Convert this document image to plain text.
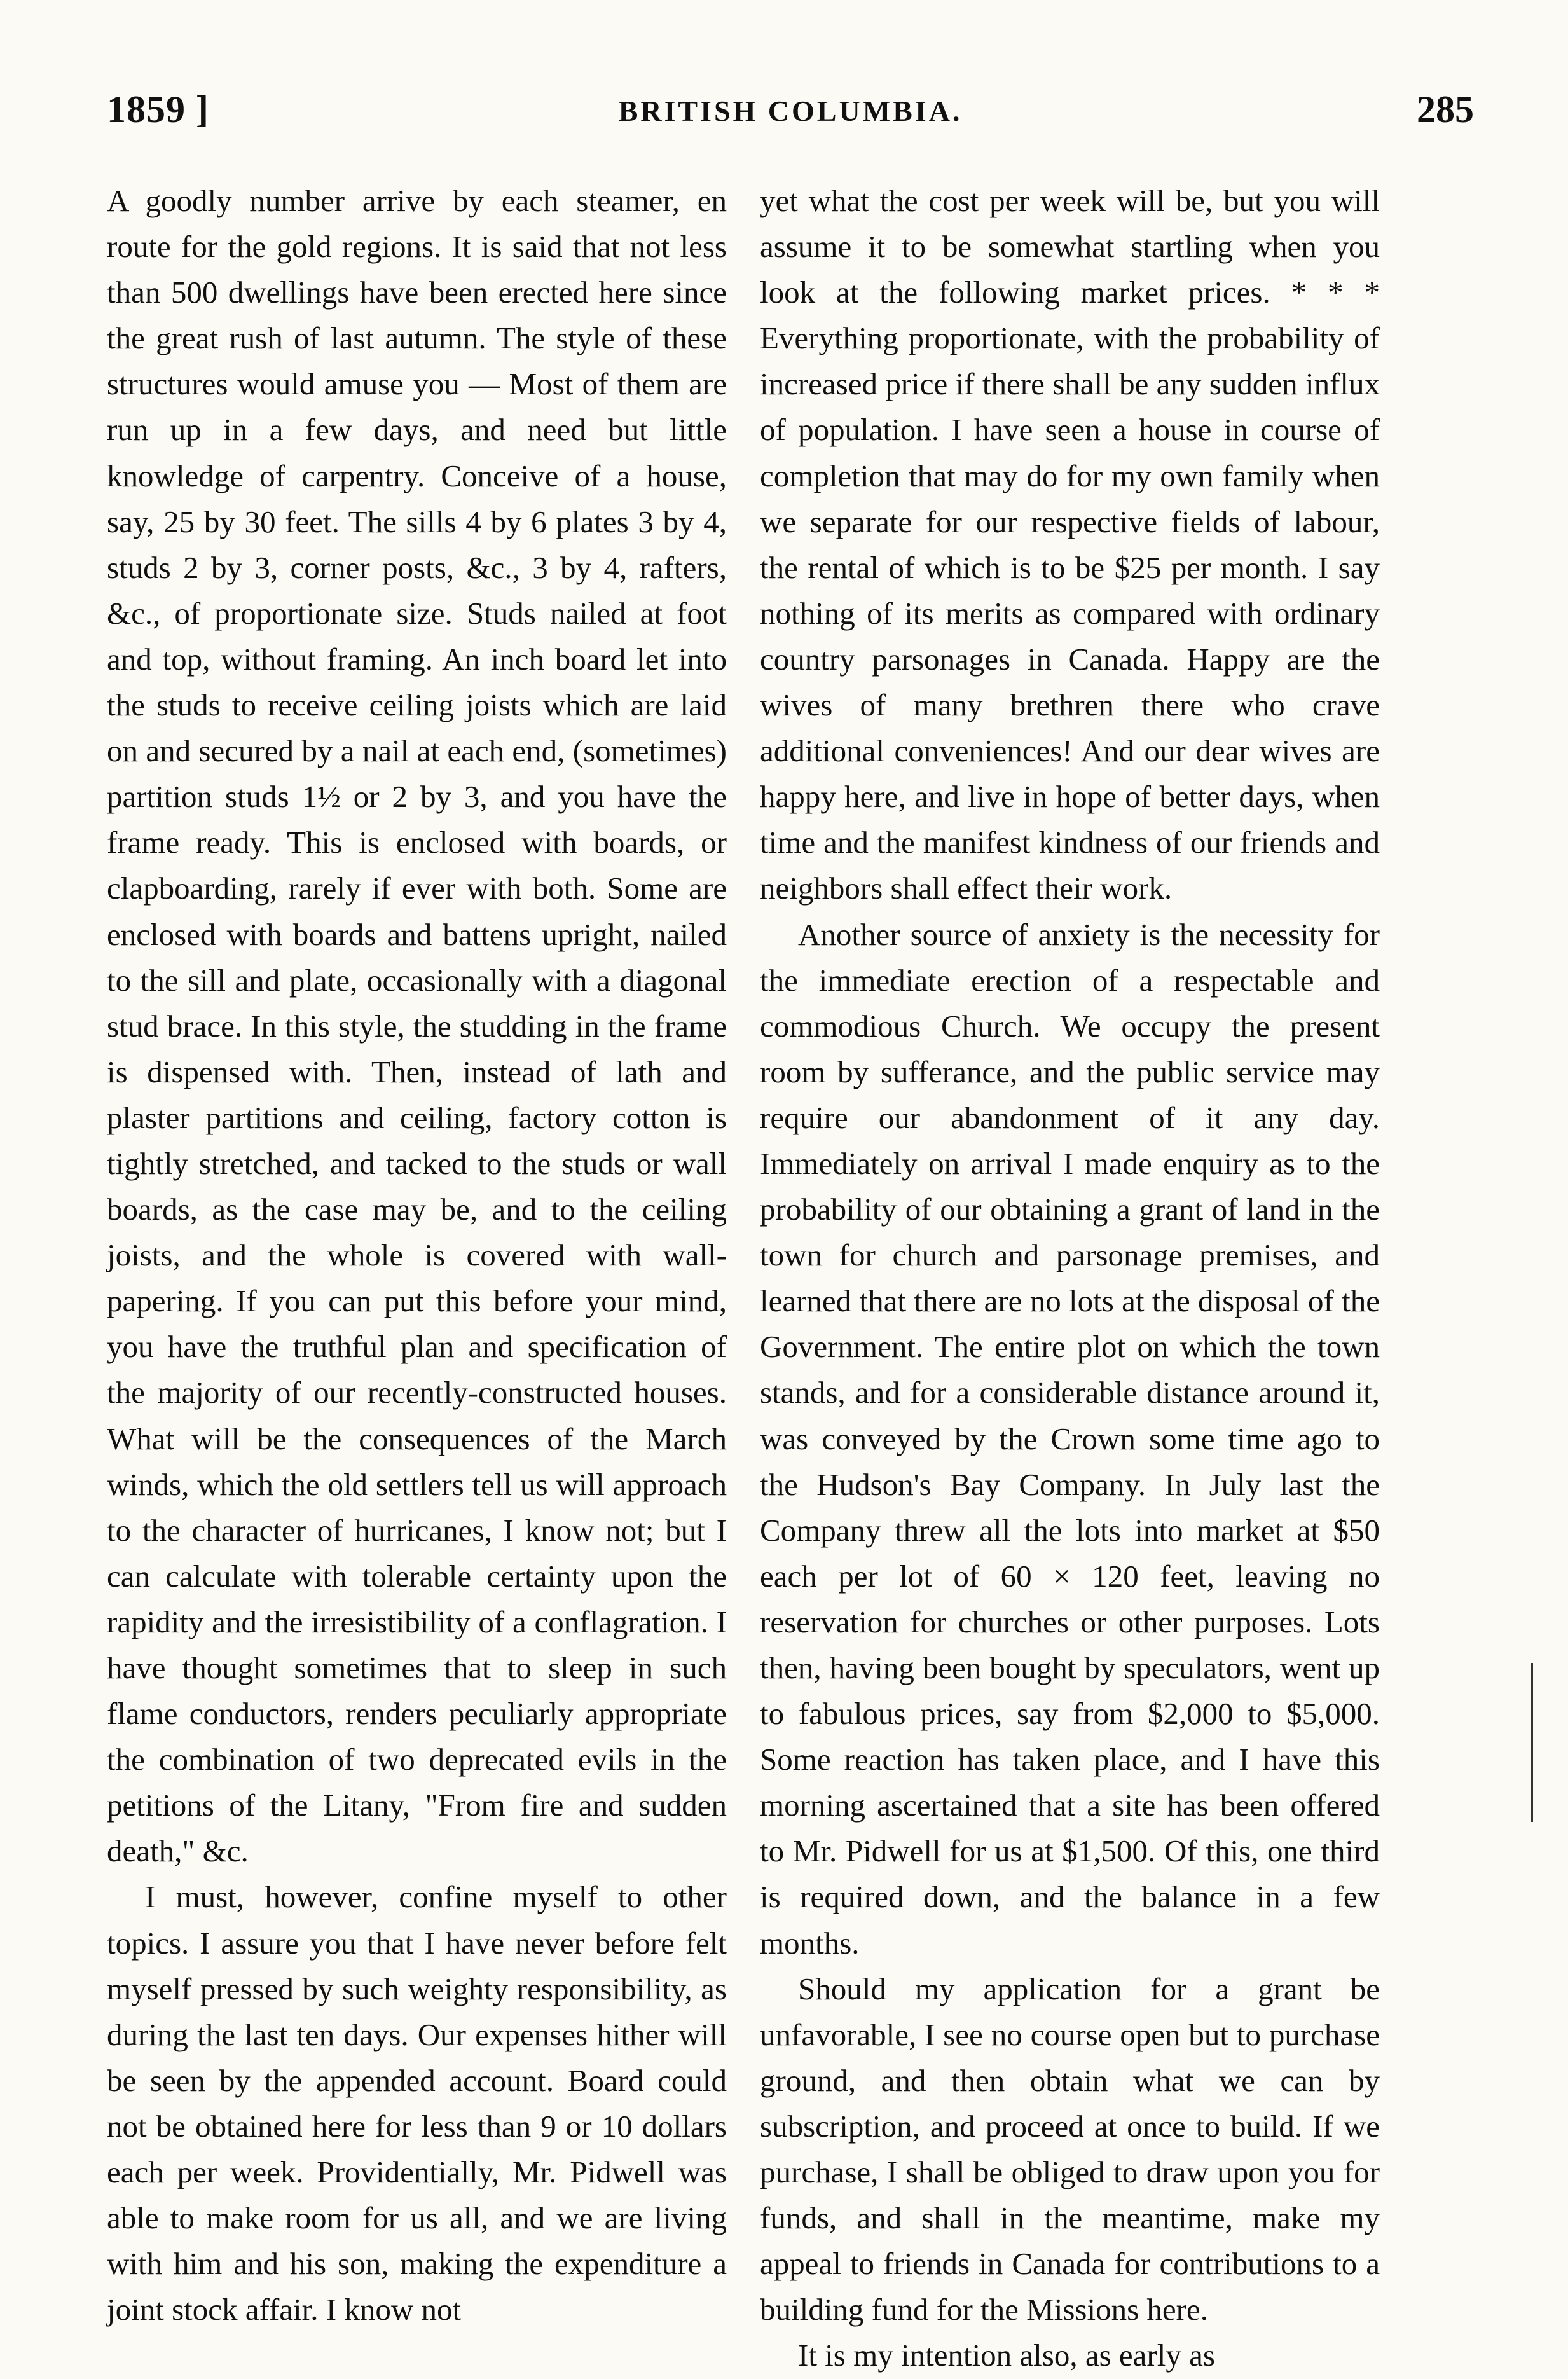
1859 ]	BRITISH COLUMBIA.	285

A goodly number arrive by each steamer, en route for the gold regions. It is said that not less than 500 dwellings have been erected here since the great rush of last autumn. The style of these structures would amuse you — Most of them are run up in a few days, and need but little knowledge of carpentry. Conceive of a house, say, 25 by 30 feet. The sills 4 by 6 plates 3 by 4, studs 2 by 3, corner posts, &c., 3 by 4, rafters, &c., of proportionate size. Studs nailed at foot and top, without framing. An inch board let into the studs to receive ceiling joists which are laid on and secured by a nail at each end, (sometimes) partition studs 1½ or 2 by 3, and you have the frame ready. This is enclosed with boards, or clapboarding, rarely if ever with both. Some are enclosed with boards and battens upright, nailed to the sill and plate, occasionally with a diagonal stud brace. In this style, the studding in the frame is dispensed with. Then, instead of lath and plaster partitions and ceiling, factory cotton is tightly stretched, and tacked to the studs or wall boards, as the case may be, and to the ceiling joists, and the whole is covered with wall-papering. If you can put this before your mind, you have the truthful plan and specification of the majority of our recently-constructed houses. What will be the consequences of the March winds, which the old settlers tell us will approach to the character of hurricanes, I know not; but I can calculate with tolerable certainty upon the rapidity and the irresistibility of a conflagration. I have thought sometimes that to sleep in such flame conductors, renders peculiarly appropriate the combination of two deprecated evils in the petitions of the Litany, "From fire and sudden death," &c.

I must, however, confine myself to other topics. I assure you that I have never before felt myself pressed by such weighty responsibility, as during the last ten days. Our expenses hither will be seen by the appended account. Board could not be obtained here for less than 9 or 10 dollars each per week. Providentially, Mr. Pidwell was able to make room for us all, and we are living with him and his son, making the expenditure a joint stock affair. I know not

yet what the cost per week will be, but you will assume it to be somewhat startling when you look at the following market prices. * * * Everything proportionate, with the probability of increased price if there shall be any sudden influx of population. I have seen a house in course of completion that may do for my own family when we separate for our respective fields of labour, the rental of which is to be $25 per month. I say nothing of its merits as compared with ordinary country parsonages in Canada. Happy are the wives of many brethren there who crave additional conveniences! And our dear wives are happy here, and live in hope of better days, when time and the manifest kindness of our friends and neighbors shall effect their work.

Another source of anxiety is the necessity for the immediate erection of a respectable and commodious Church. We occupy the present room by sufferance, and the public service may require our abandonment of it any day. Immediately on arrival I made enquiry as to the probability of our obtaining a grant of land in the town for church and parsonage premises, and learned that there are no lots at the disposal of the Government. The entire plot on which the town stands, and for a considerable distance around it, was conveyed by the Crown some time ago to the Hudson's Bay Company. In July last the Company threw all the lots into market at $50 each per lot of 60 × 120 feet, leaving no reservation for churches or other purposes. Lots then, having been bought by speculators, went up to fabulous prices, say from $2,000 to $5,000. Some reaction has taken place, and I have this morning ascertained that a site has been offered to Mr. Pidwell for us at $1,500. Of this, one third is required down, and the balance in a few months.

Should my application for a grant be unfavorable, I see no course open but to purchase ground, and then obtain what we can by subscription, and proceed at once to build. If we purchase, I shall be obliged to draw upon you for funds, and shall in the meantime, make my appeal to friends in Canada for contributions to a building fund for the Missions here.

It is my intention also, as early as
